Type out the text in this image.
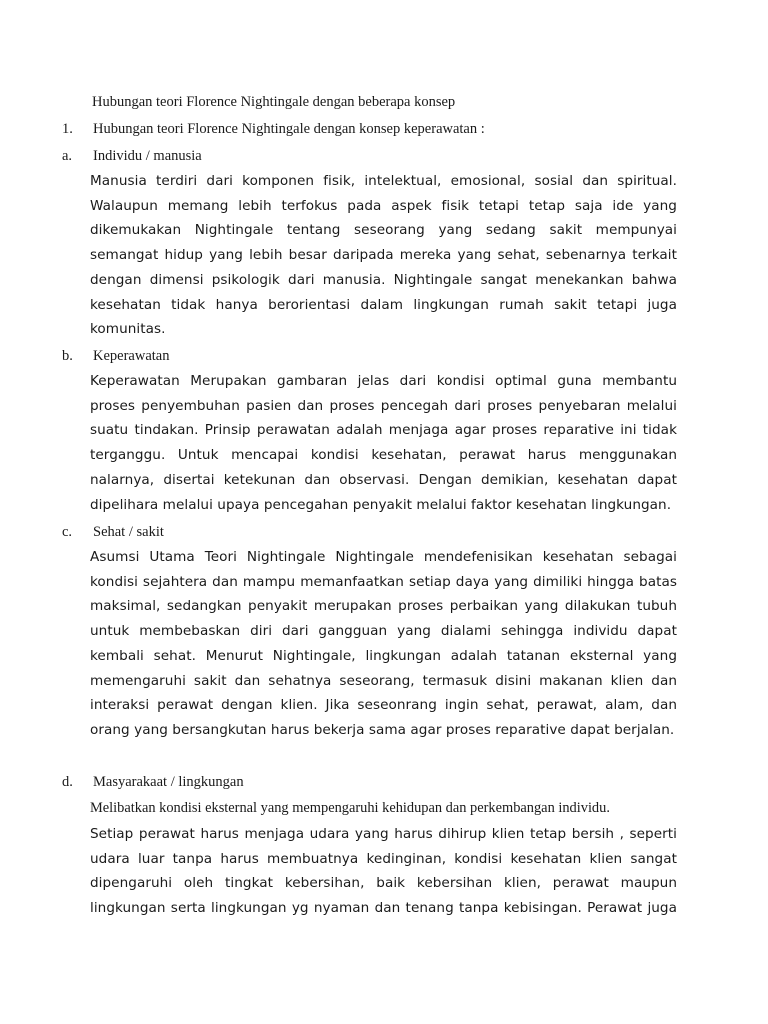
Hubungan teori Florence Nightingale dengan beberapa konsep
1. Hubungan teori Florence Nightingale dengan konsep keperawatan :
a. Individu / manusia
Manusia terdiri dari komponen fisik, intelektual, emosional, sosial dan spiritual. Walaupun memang lebih terfokus pada aspek fisik tetapi tetap saja ide yang dikemukakan Nightingale tentang seseorang yang sedang sakit mempunyai semangat hidup yang lebih besar daripada mereka yang sehat, sebenarnya terkait dengan dimensi psikologik dari manusia. Nightingale sangat menekankan bahwa kesehatan tidak hanya berorientasi dalam lingkungan rumah sakit tetapi juga komunitas.
b. Keperawatan
Keperawatan Merupakan gambaran jelas dari kondisi optimal guna membantu proses penyembuhan pasien dan proses pencegah dari proses penyebaran melalui suatu tindakan. Prinsip perawatan adalah menjaga agar proses reparative ini tidak terganggu. Untuk mencapai kondisi kesehatan, perawat harus menggunakan nalarnya, disertai ketekunan dan observasi. Dengan demikian, kesehatan dapat dipelihara melalui upaya pencegahan penyakit melalui faktor kesehatan lingkungan.
c. Sehat / sakit
Asumsi Utama Teori Nightingale Nightingale mendefenisikan kesehatan sebagai kondisi sejahtera dan mampu memanfaatkan setiap daya yang dimiliki hingga batas maksimal, sedangkan penyakit merupakan proses perbaikan yang dilakukan tubuh untuk membebaskan diri dari gangguan yang dialami sehingga individu dapat kembali sehat. Menurut Nightingale, lingkungan adalah tatanan eksternal yang memengaruhi sakit dan sehatnya seseorang, termasuk disini makanan klien dan interaksi perawat dengan klien. Jika seseonrang ingin sehat, perawat, alam, dan orang yang bersangkutan harus bekerja sama agar proses reparative dapat berjalan.
d. Masyarakaat / lingkungan
Melibatkan kondisi eksternal yang mempengaruhi kehidupan dan perkembangan individu.
Setiap perawat harus menjaga udara yang harus dihirup klien tetap bersih , seperti udara luar tanpa harus membuatnya kedinginan, kondisi kesehatan klien sangat dipengaruhi oleh tingkat kebersihan, baik kebersihan klien, perawat maupun lingkungan serta lingkungan yg nyaman dan tenang tanpa kebisingan. Perawat juga
